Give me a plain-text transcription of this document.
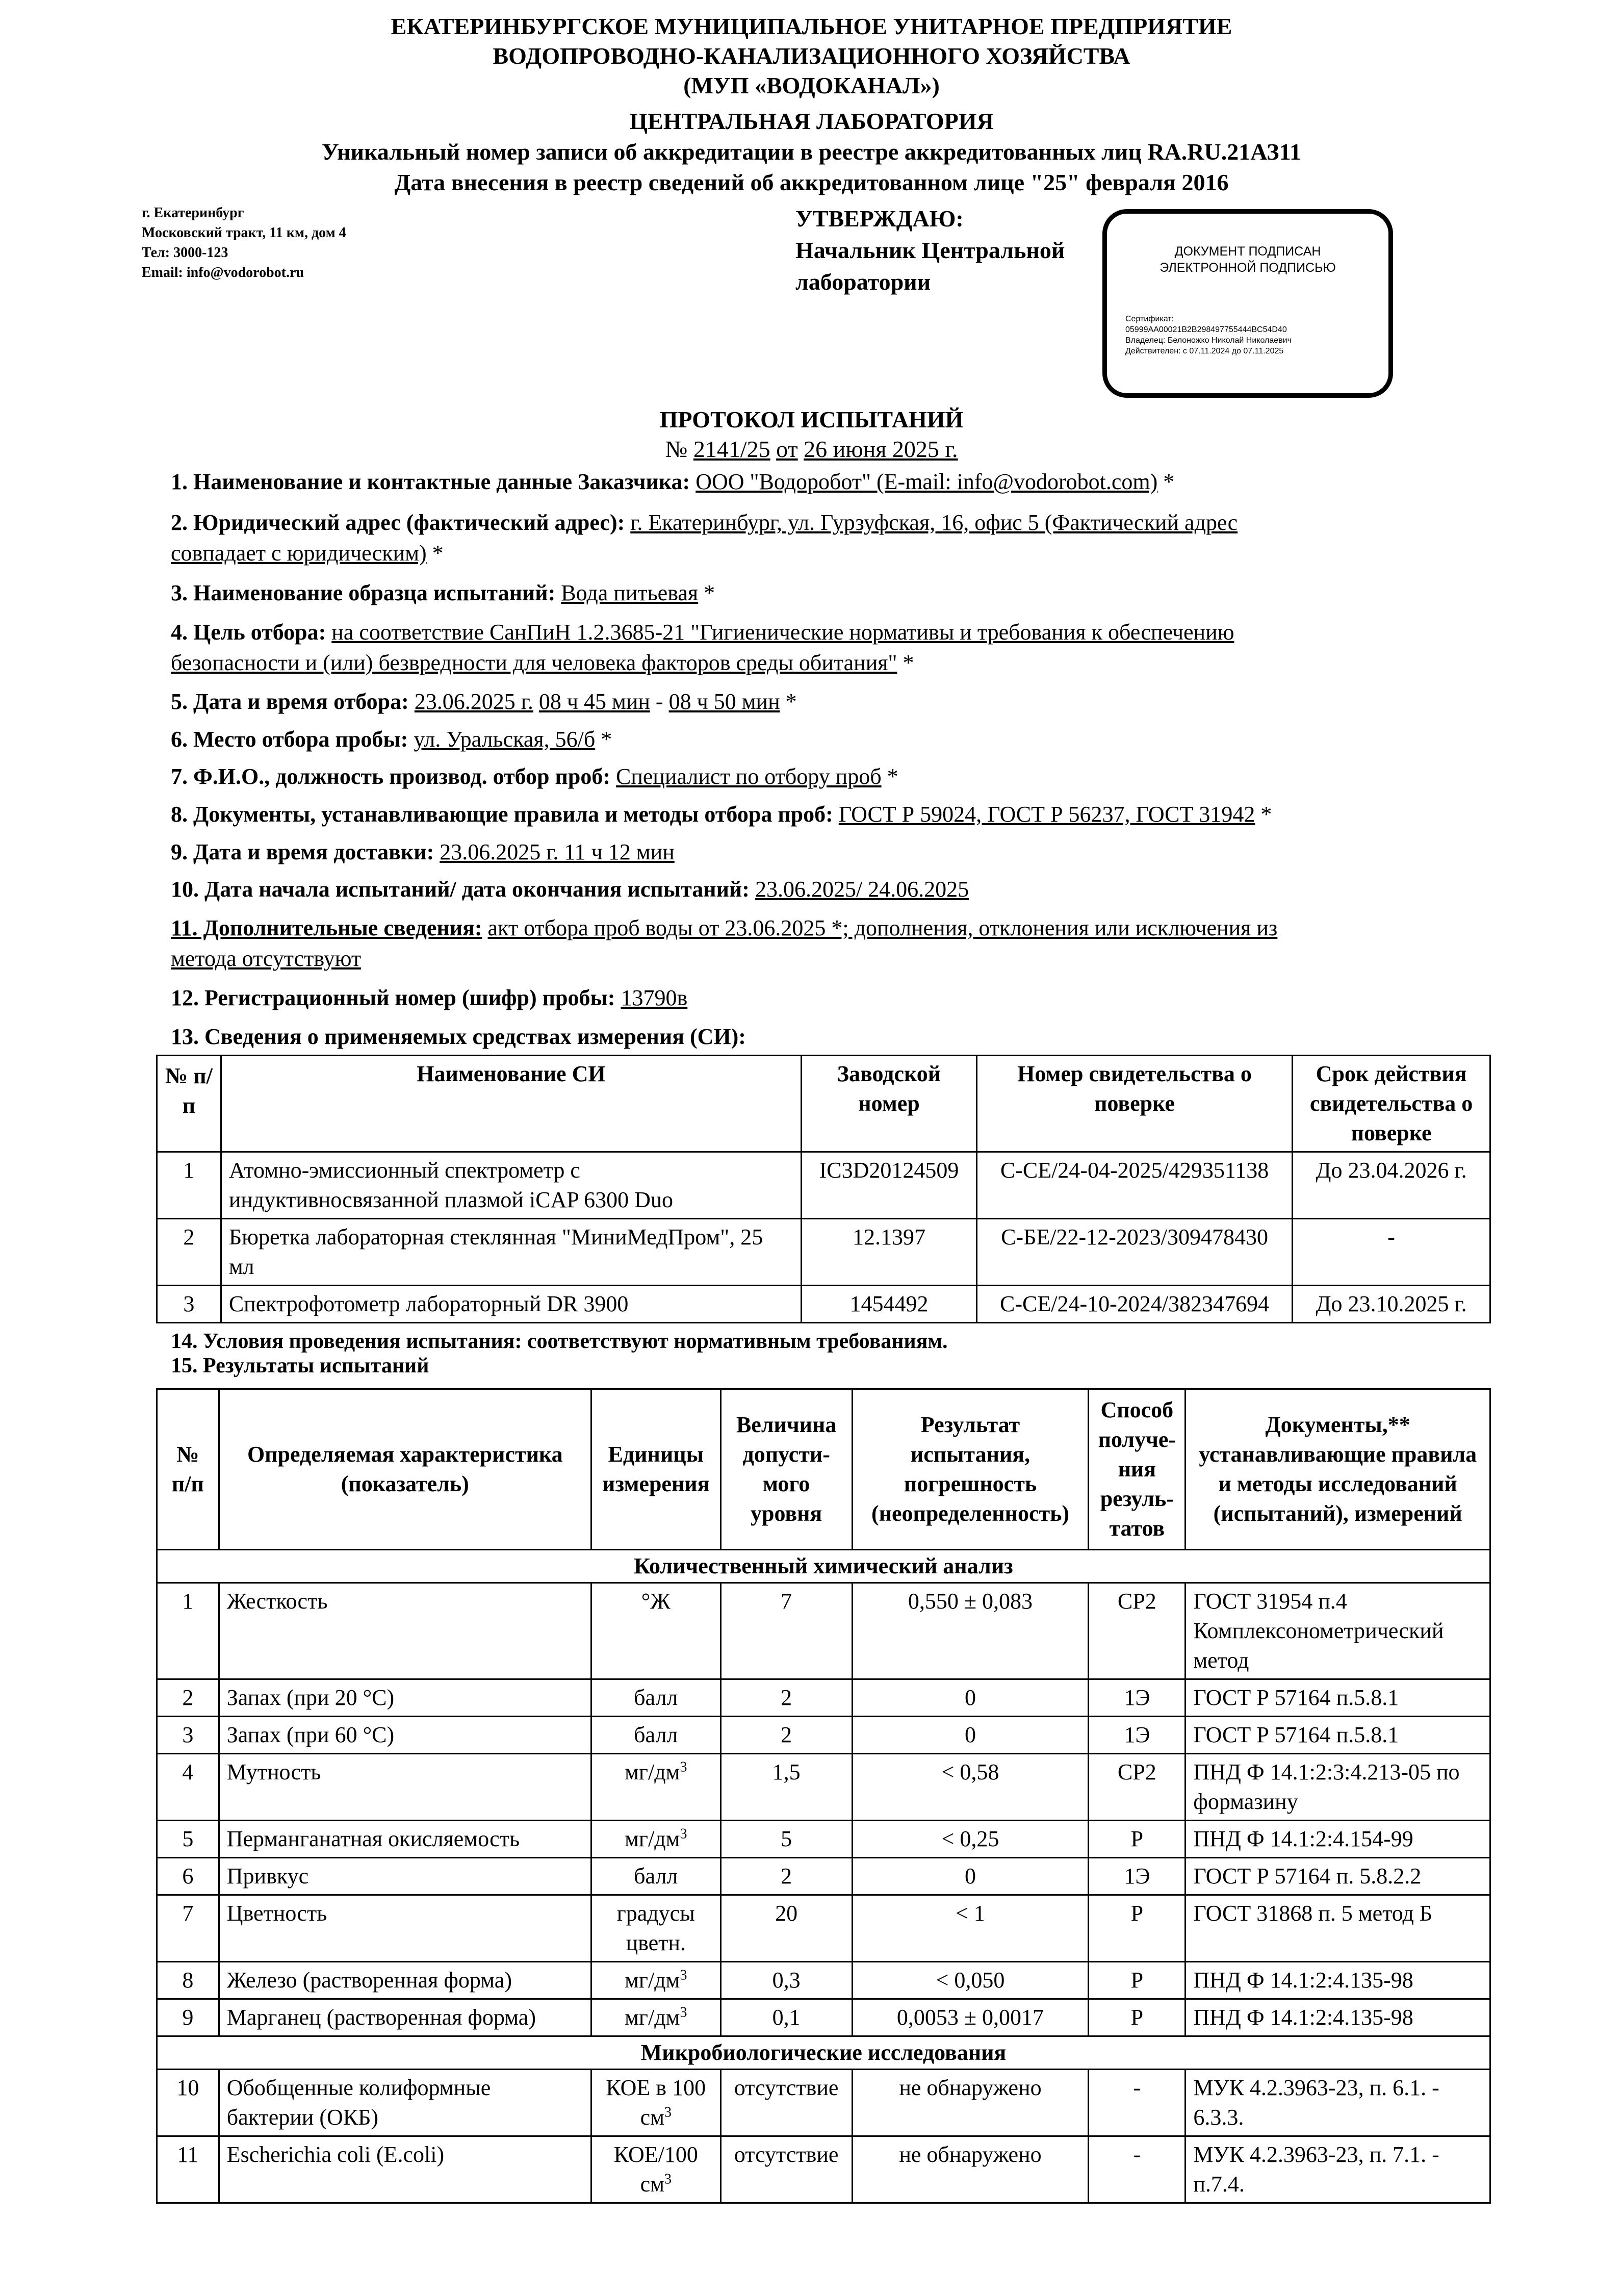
ЕКАТЕРИНБУРГСКОЕ МУНИЦИПАЛЬНОЕ УНИТАРНОЕ ПРЕДПРИЯТИЕ
ВОДОПРОВОДНО-КАНАЛИЗАЦИОННОГО ХОЗЯЙСТВА
(МУП «ВОДОКАНАЛ»)
ЦЕНТРАЛЬНАЯ ЛАБОРАТОРИЯ
Уникальный номер записи об аккредитации в реестре аккредитованных лиц RA.RU.21АЗ11
Дата внесения в реестр сведений об аккредитованном лице "25" февраля 2016
г. Екатеринбург
Московский тракт, 11 км, дом 4
Тел: 3000-123
Email: info@vodorobot.ru
УТВЕРЖДАЮ:
Начальник Центральной
лаборатории
ДОКУМЕНТ ПОДПИСАН
ЭЛЕКТРОННОЙ ПОДПИСЬЮ
Сертификат:
05999AA00021B2B298497755444BC54D40
Владелец: Белоножко Николай Николаевич
Действителен: с 07.11.2024 до 07.11.2025
ПРОТОКОЛ ИСПЫТАНИЙ
№ 2141/25 от 26 июня 2025 г.
1. Наименование и контактные данные Заказчика: ООО "Водоробот" (E-mail: info@vodorobot.com) *
2. Юридический адрес (фактический адрес): г. Екатеринбург, ул. Гурзуфская, 16, офис 5 (Фактический адрес
совпадает с юридическим) *
3. Наименование образца испытаний: Вода питьевая *
4. Цель отбора: на соответствие СанПиН 1.2.3685-21 "Гигиенические нормативы и требования к обеспечению
безопасности и (или) безвредности для человека факторов среды обитания" *
5. Дата и время отбора: 23.06.2025 г. 08 ч 45 мин - 08 ч 50 мин *
6. Место отбора пробы: ул. Уральская, 56/б *
7. Ф.И.О., должность производ. отбор проб: Специалист по отбору проб *
8. Документы, устанавливающие правила и методы отбора проб: ГОСТ Р 59024, ГОСТ Р 56237, ГОСТ 31942 *
9. Дата и время доставки: 23.06.2025 г. 11 ч 12 мин
10. Дата начала испытаний/ дата окончания испытаний: 23.06.2025/ 24.06.2025
11. Дополнительные сведения: акт отбора проб воды от 23.06.2025 *; дополнения, отклонения или исключения из
метода отсутствуют
12. Регистрационный номер (шифр) пробы: 13790в
13. Сведения о применяемых средствах измерения (СИ):
№ п/п	Наименование СИ	Заводской номер	Номер свидетельства о поверке	Срок действия свидетельства о поверке
1	Атомно-эмиссионный спектрометр с индуктивносвязанной плазмой iCAP 6300 Duo	IC3D20124509	С-СЕ/24-04-2025/429351138	До 23.04.2026 г.
2	Бюретка лабораторная стеклянная "МиниМедПром", 25 мл	12.1397	С-БЕ/22-12-2023/309478430	-
3	Спектрофотометр лабораторный DR 3900	1454492	С-СЕ/24-10-2024/382347694	До 23.10.2025 г.
14. Условия проведения испытания: соответствуют нормативным требованиям.
15. Результаты испытаний
№ п/п	Определяемая характеристика (показатель)	Единицы измерения	Величина допусти-мого уровня	Результат испытания, погрешность (неопределенность)	Способ получе-ния резуль-татов	Документы,** устанавливающие правила и методы исследований (испытаний), измерений
Количественный химический анализ						
1	Жесткость	°Ж	7	0,550 ± 0,083	СР2	ГОСТ 31954 п.4 Комплексонометрический метод
2	Запах (при 20 °С)	балл	2	0	1Э	ГОСТ Р 57164 п.5.8.1
3	Запах (при 60 °С)	балл	2	0	1Э	ГОСТ Р 57164 п.5.8.1
4	Мутность	$мг/дм^3$	1,5	< 0,58	СР2	ПНД Ф 14.1:2:3:4.213-05 по формазину
5	Перманганатная окисляемость	$мг/дм^3$	5	< 0,25	Р	ПНД Ф 14.1:2:4.154-99
6	Привкус	балл	2	0	1Э	ГОСТ Р 57164 п. 5.8.2.2
7	Цветность	градусы цветн.	20	< 1	Р	ГОСТ 31868 п. 5 метод Б
8	Железо (растворенная форма)	$мг/дм^3$	0,3	< 0,050	Р	ПНД Ф 14.1:2:4.135-98
9	Марганец (растворенная форма)	$мг/дм^3$	0,1	0,0053 ± 0,0017	Р	ПНД Ф 14.1:2:4.135-98
Микробиологические исследования						
10	Обобщенные колиформные бактерии (ОКБ)	КОЕ в 100 $см^3$	отсутствие	не обнаружено	-	МУК 4.2.3963-23, п. 6.1. - 6.3.3.
11	Escherichia coli (E.coli)	КОЕ/100 $см^3$	отсутствие	не обнаружено	-	МУК 4.2.3963-23, п. 7.1. - п.7.4.
